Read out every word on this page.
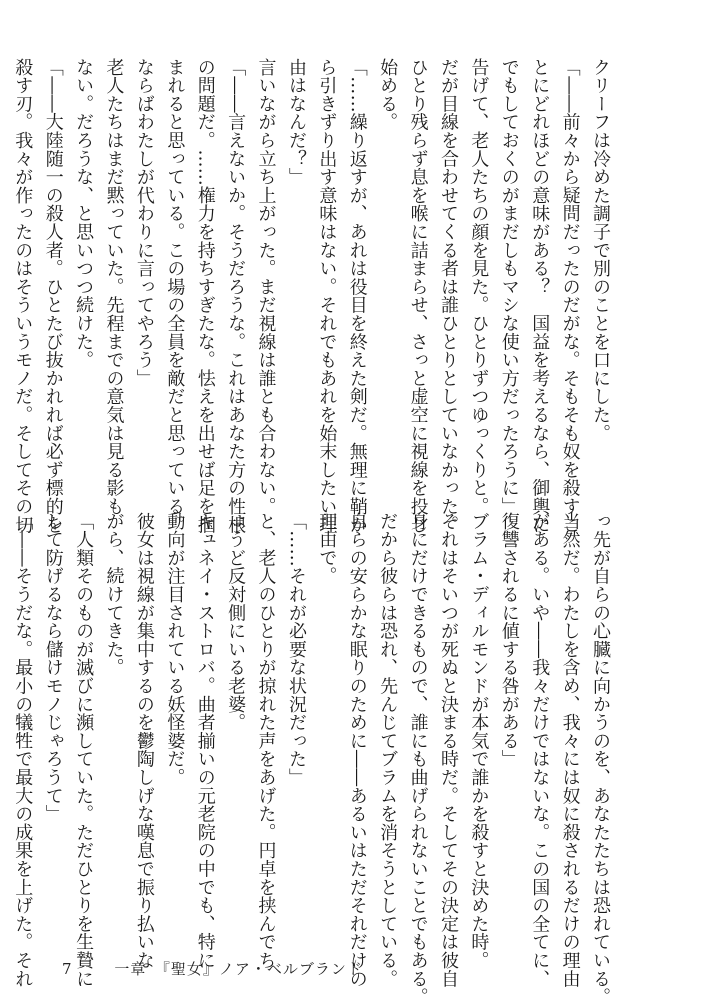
クリーフは冷めた調子で別のことを口にした。
「――前々から疑問だったのだがな。そもそも奴を殺すこ
とにどれほどの意味がある？　国益を考えるなら、御輿に
でもしておくのがまだしもマシな使い方だったろうに」
告げて、老人たちの顔を見た。ひとりずつゆっくりと。
だが目線を合わせてくる者は誰ひとりとしていなかった。
ひとり残らず息を喉に詰まらせ、さっと虚空に視線を投じ
始める。
「……繰り返すが、あれは役目を終えた剣だ。無理に鞘か
ら引きずり出す意味はない。それでもあれを始末したい理
由はなんだ？」
言いながら立ち上がった。まだ視線は誰とも合わない。
「――言えないか。そうだろうな。これはあなた方の性根
の問題だ。……権力を持ちすぎたな。怯えを出せば足を掴
まれると思っている。この場の全員を敵だと思っている。
ならばわたしが代わりに言ってやろう」
老人たちはまだ黙っていた。先程までの意気は見る影も
ない。だろうな、と思いつつ続けた。
「――大陸随一の殺人者。ひとたび抜かれれば必ず標的を
殺す刃。我々が作ったのはそういうモノだ。そしてその切
っ先が自らの心臓に向かうのを、あなたたちは恐れている。
当然だ。わたしを含め、我々には奴に殺されるだけの理由
がある。いや――我々だけではないな。この国の全てに、
復讐されるに値する咎がある」
ブラム・ディルモンドが本気で誰かを殺すと決めた時。
それはそいつが死ぬと決まる時だ。そしてその決定は彼自
身にだけできるもので、誰にも曲げられないことでもある。
だから彼らは恐れ、先んじてブラムを消そうとしている。
自らの安らかな眠りのために――あるいはただそれだけの
理由で。
「……それが必要な状況だった」
と、老人のひとりが掠れた声をあげた。円卓を挟んでち
ょうど反対側にいる老婆。
キュネイ・ストロバ。曲者揃いの元老院の中でも、特に
動向が注目されている妖怪婆だ。
彼女は視線が集中するのを鬱陶しげな嘆息で振り払いな
がら、続けてきた。
「人類そのものが滅びに瀕していた。ただひとりを生贄に
して防げるなら儲けモノじゃろうて」
「――そうだな。最小の犠牲で最大の成果を上げた。それ 7	一章　『聖女』ノア・ベルブランド
